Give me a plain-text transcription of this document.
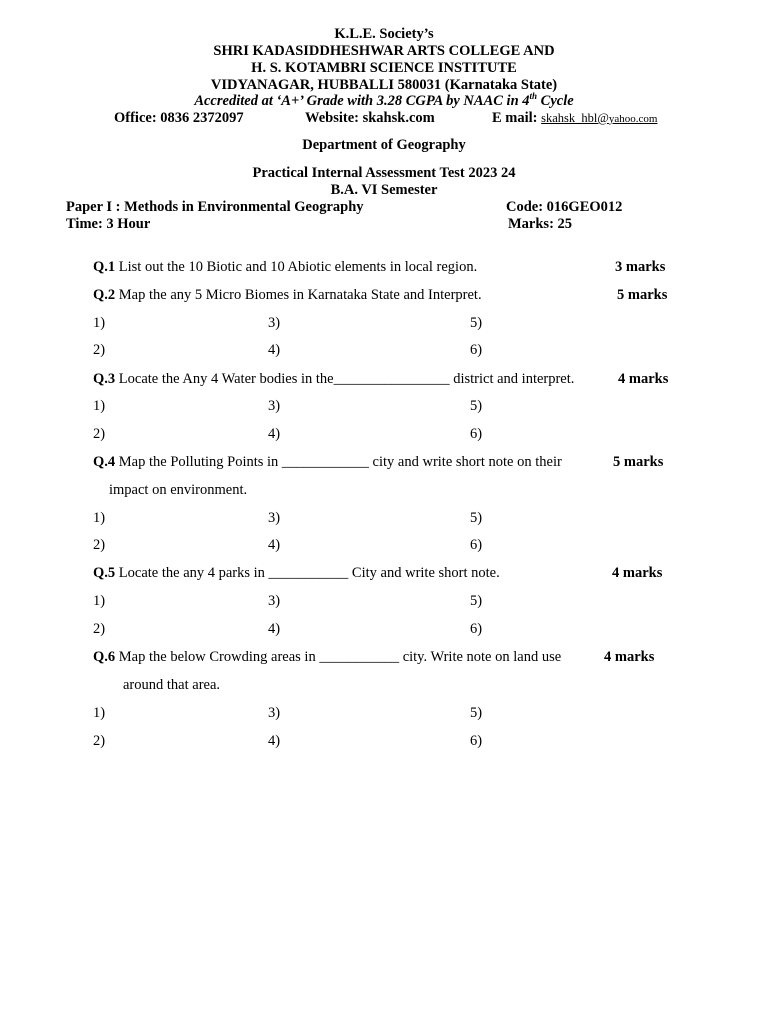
K.L.E. Society’s
SHRI KADASIDDHESHWAR ARTS COLLEGE AND
H. S. KOTAMBRI SCIENCE INSTITUTE
VIDYANAGAR, HUBBALLI 580031 (Karnataka State)
Accredited at ‘A+’ Grade with 3.28 CGPA by NAAC in 4th Cycle
Office: 0836 2372097	Website: skahsk.com	E mail: skahsk_hbl@yahoo.com
Department of Geography
Practical Internal Assessment Test 2023 24
B.A. VI Semester
Paper I : Methods in Environmental Geography	Code: 016GEO012
Time: 3 Hour	Marks: 25
Q.1 List out the 10 Biotic and 10 Abiotic elements in local region.	3 marks
Q.2 Map the any 5 Micro Biomes in Karnataka State and Interpret.	5 marks
1)	3)	5)
2)	4)	6)
Q.3 Locate the Any 4 Water bodies in the________________ district and interpret.	4 marks
1)	3)	5)
2)	4)	6)
Q.4 Map the Polluting Points in ____________ city and write short note on their	5 marks
impact on environment.
1)	3)	5)
2)	4)	6)
Q.5 Locate the any 4 parks in ___________ City and write short note.	4 marks
1)	3)	5)
2)	4)	6)
Q.6 Map the below Crowding areas in ___________ city. Write note on land use	4 marks
around that area.
1)	3)	5)
2)	4)	6)
